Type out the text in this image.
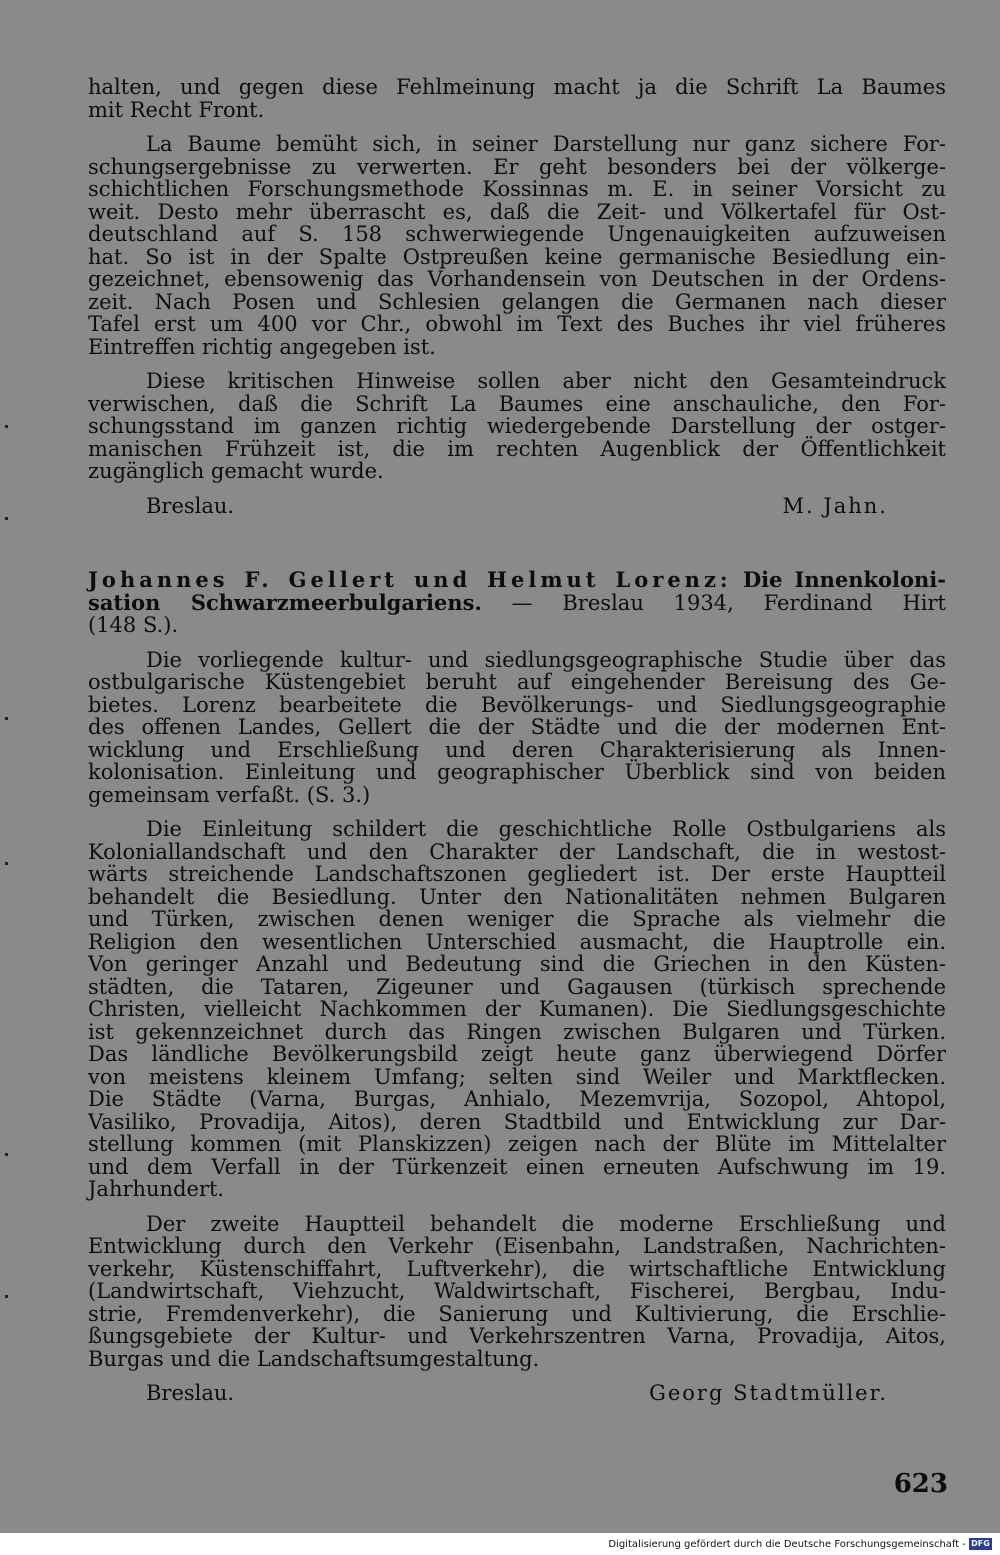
halten, und gegen diese Fehlmeinung macht ja die Schrift La Baumes
mit Recht Front.
La Baume bemüht sich, in seiner Darstellung nur ganz sichere For-
schungsergebnisse zu verwerten. Er geht besonders bei der völkerge-
schichtlichen Forschungsmethode Kossinnas m. E. in seiner Vorsicht zu
weit. Desto mehr überrascht es, daß die Zeit- und Völkertafel für Ost-
deutschland auf S. 158 schwerwiegende Ungenauigkeiten aufzuweisen
hat. So ist in der Spalte Ostpreußen keine germanische Besiedlung ein-
gezeichnet, ebensowenig das Vorhandensein von Deutschen in der Ordens-
zeit. Nach Posen und Schlesien gelangen die Germanen nach dieser
Tafel erst um 400 vor Chr., obwohl im Text des Buches ihr viel früheres
Eintreffen richtig angegeben ist.
Diese kritischen Hinweise sollen aber nicht den Gesamteindruck
verwischen, daß die Schrift La Baumes eine anschauliche, den For-
schungsstand im ganzen richtig wiedergebende Darstellung der ostger-
manischen Frühzeit ist, die im rechten Augenblick der Öffentlichkeit
zugänglich gemacht wurde.
Breslau.	M. Jahn.
Johannes F. Gellert und Helmut Lorenz: Die Innenkoloni-
sation Schwarzmeerbulgariens. — Breslau 1934, Ferdinand Hirt
(148 S.).
Die vorliegende kultur- und siedlungsgeographische Studie über das
ostbulgarische Küstengebiet beruht auf eingehender Bereisung des Ge-
bietes. Lorenz bearbeitete die Bevölkerungs- und Siedlungsgeographie
des offenen Landes, Gellert die der Städte und die der modernen Ent-
wicklung und Erschließung und deren Charakterisierung als Innen-
kolonisation. Einleitung und geographischer Überblick sind von beiden
gemeinsam verfaßt. (S. 3.)
Die Einleitung schildert die geschichtliche Rolle Ostbulgariens als
Koloniallandschaft und den Charakter der Landschaft, die in westost-
wärts streichende Landschaftszonen gegliedert ist. Der erste Hauptteil
behandelt die Besiedlung. Unter den Nationalitäten nehmen Bulgaren
und Türken, zwischen denen weniger die Sprache als vielmehr die
Religion den wesentlichen Unterschied ausmacht, die Hauptrolle ein.
Von geringer Anzahl und Bedeutung sind die Griechen in den Küsten-
städten, die Tataren, Zigeuner und Gagausen (türkisch sprechende
Christen, vielleicht Nachkommen der Kumanen). Die Siedlungsgeschichte
ist gekennzeichnet durch das Ringen zwischen Bulgaren und Türken.
Das ländliche Bevölkerungsbild zeigt heute ganz überwiegend Dörfer
von meistens kleinem Umfang; selten sind Weiler und Marktflecken.
Die Städte (Varna, Burgas, Anhialo, Mezemvrija, Sozopol, Ahtopol,
Vasiliko, Provadija, Aitos), deren Stadtbild und Entwicklung zur Dar-
stellung kommen (mit Planskizzen) zeigen nach der Blüte im Mittelalter
und dem Verfall in der Türkenzeit einen erneuten Aufschwung im 19.
Jahrhundert.
Der zweite Hauptteil behandelt die moderne Erschließung und
Entwicklung durch den Verkehr (Eisenbahn, Landstraßen, Nachrichten-
verkehr, Küstenschiffahrt, Luftverkehr), die wirtschaftliche Entwicklung
(Landwirtschaft, Viehzucht, Waldwirtschaft, Fischerei, Bergbau, Indu-
strie, Fremdenverkehr), die Sanierung und Kultivierung, die Erschlie-
ßungsgebiete der Kultur- und Verkehrszentren Varna, Provadija, Aitos,
Burgas und die Landschaftsumgestaltung.
Breslau.	Georg Stadtmüller.
623
Digitalisierung gefördert durch die Deutsche Forschungsgemeinschaft - DFG
